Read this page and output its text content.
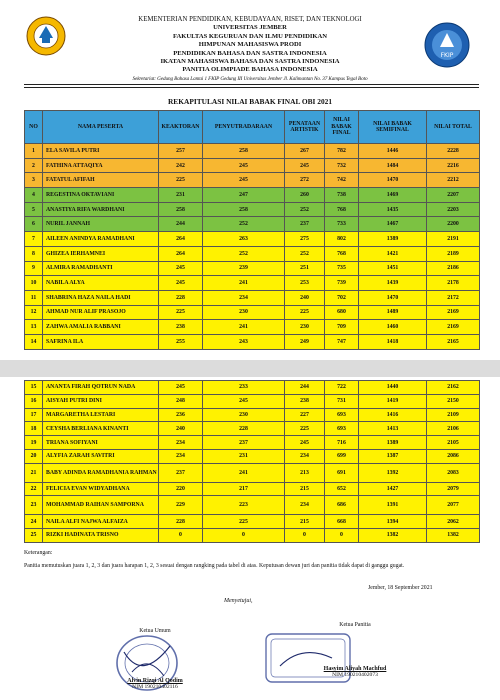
KEMENTERIAN PENDIDIKAN, KEBUDAYAAN, RISET, DAN TEKNOLOGI
UNIVERSITAS JEMBER
FAKULTAS KEGURUAN DAN ILMU PENDIDIKAN
HIMPUNAN MAHASISWA PRODI
PENDIDIKAN BAHASA DAN SASTRA INDONESIA
IKATAN MAHASISWA BAHASA DAN SASTRA INDONESIA
PANITIA OLIMPIADE BAHASA INDONESIA
Sekretariat: Gedung Bahasa Lantai 1 FKIP Gedung III Universitas Jember Jl. Kalimantan No. 37 Kampus Tegal Boto
FKIP
REKAPITULASI NILAI BABAK FINAL OBI 2021
NO	NAMA PESERTA	KEAKTORAN	PENYUTRADARAAN	PENATAAN ARTISTIK	NILAI BABAK FINAL	NILAI BABAK SEMIFINAL	NILAI TOTAL
1	ELA SAVILA PUTRI	257	258	267	782	1446	2228
2	FATHINA ATTAQIYA	242	245	245	732	1484	2216
3	FATATUL AFIFAH	225	245	272	742	1470	2212
4	REGESTINA OKTAVIANI	231	247	260	738	1469	2207
5	ANASTIYA RIFA WARDHANI	258	258	252	768	1435	2203
6	NURIL JANNAH	244	252	237	733	1467	2200
7	AILEEN ANINDYA RAMADHANI	264	263	275	802	1389	2191
8	GHIZEA IERHAMNEI	264	252	252	768	1421	2189
9	ALMIRA RAMADHANTI	245	239	251	735	1451	2186
10	NABILA ALYA	245	241	253	739	1439	2178
11	SHABRINA HAZA NAILA HADI	228	234	240	702	1470	2172
12	AHMAD NUR ALIF PRASOJO	225	230	225	680	1489	2169
13	ZAHWA AMALIA RABBANI	238	241	230	709	1460	2169
14	SAFRINA ILA	255	243	249	747	1418	2165
15	ANANTA FIRAH QOTRUN NADA	245	233	244	722	1440	2162
16	AISYAH PUTRI DINI	248	245	238	731	1419	2150
17	MARGARETHA LESTARI	236	230	227	693	1416	2109
18	CEYSHA BERLIANA KINANTI	240	228	225	693	1413	2106
19	TRIANA SOFIYANI	234	237	245	716	1389	2105
20	ALYFIA ZARAH SAVITRI	234	231	234	699	1387	2086
21	BABY ADINDA RAMADHANIA RAHMAN	237	241	213	691	1392	2083
22	FELICIA EVAN WIDYADHANA	220	217	215	652	1427	2079
23	MOHAMMAD RAIHAN SAMPORNA	229	223	234	686	1391	2077
24	NAILA ALFI NAJWA ALFAIZA	228	225	215	668	1394	2062
25	RIZKI HADINATA TRISNO	0	0	0	0	1382	1382
Keterangan:
Panitia memutuskan juara 1, 2, 3 dan juara harapan 1, 2, 3 sesuai dengan rangking pada tabel di atas. Keputusan dewan juri dan panitia tidak dapat di ganggu gugat.
Jember, 18 September 2021
Menyetujui,
Ketua Umum
Alvin Rizqi Al Qodim
NIM 190210402116
Ketua Panitia
Hasyim Aliyah Machfud
NIM 190210402073
